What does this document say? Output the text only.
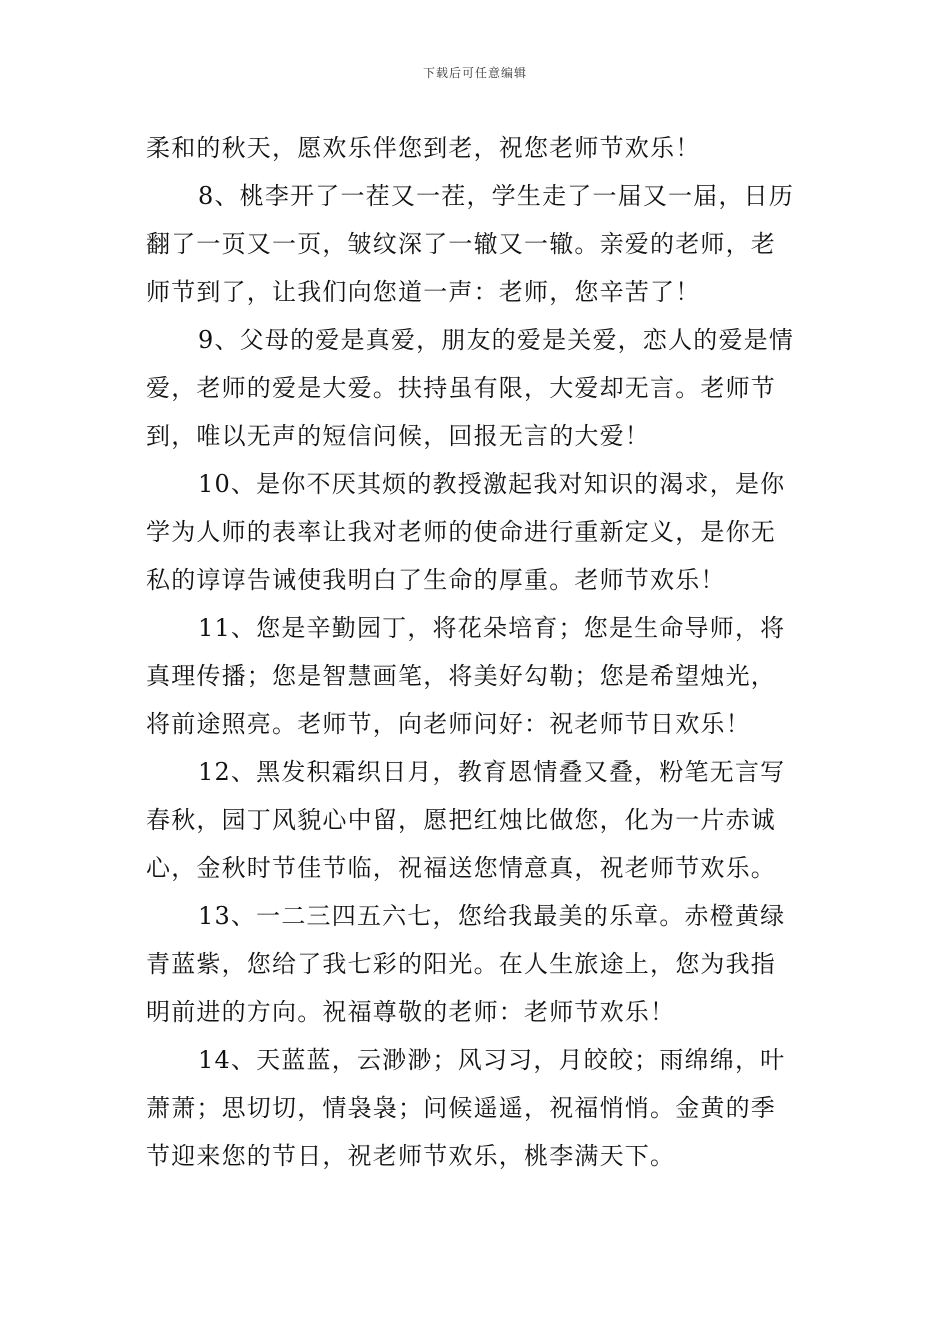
下载后可任意编辑
柔和的秋天，愿欢乐伴您到老，祝您老师节欢乐！
8、桃李开了一茬又一茬，学生走了一届又一届，日历
翻了一页又一页，皱纹深了一辙又一辙。亲爱的老师，老
师节到了，让我们向您道一声：老师，您辛苦了！
9、父母的爱是真爱，朋友的爱是关爱，恋人的爱是情
爱，老师的爱是大爱。扶持虽有限，大爱却无言。老师节
到，唯以无声的短信问候，回报无言的大爱！
10、是你不厌其烦的教授激起我对知识的渴求，是你
学为人师的表率让我对老师的使命进行重新定义，是你无
私的谆谆告诫使我明白了生命的厚重。老师节欢乐！
11、您是辛勤园丁，将花朵培育；您是生命导师，将
真理传播；您是智慧画笔，将美好勾勒；您是希望烛光，
将前途照亮。老师节，向老师问好：祝老师节日欢乐！
12、黑发积霜织日月，教育恩情叠又叠，粉笔无言写
春秋，园丁风貌心中留，愿把红烛比做您，化为一片赤诚
心，金秋时节佳节临，祝福送您情意真，祝老师节欢乐。
13、一二三四五六七，您给我最美的乐章。赤橙黄绿
青蓝紫，您给了我七彩的阳光。在人生旅途上，您为我指
明前进的方向。祝福尊敬的老师：老师节欢乐！
14、天蓝蓝，云渺渺；风习习，月皎皎；雨绵绵，叶
萧萧；思切切，情袅袅；问候遥遥，祝福悄悄。金黄的季
节迎来您的节日，祝老师节欢乐，桃李满天下。
